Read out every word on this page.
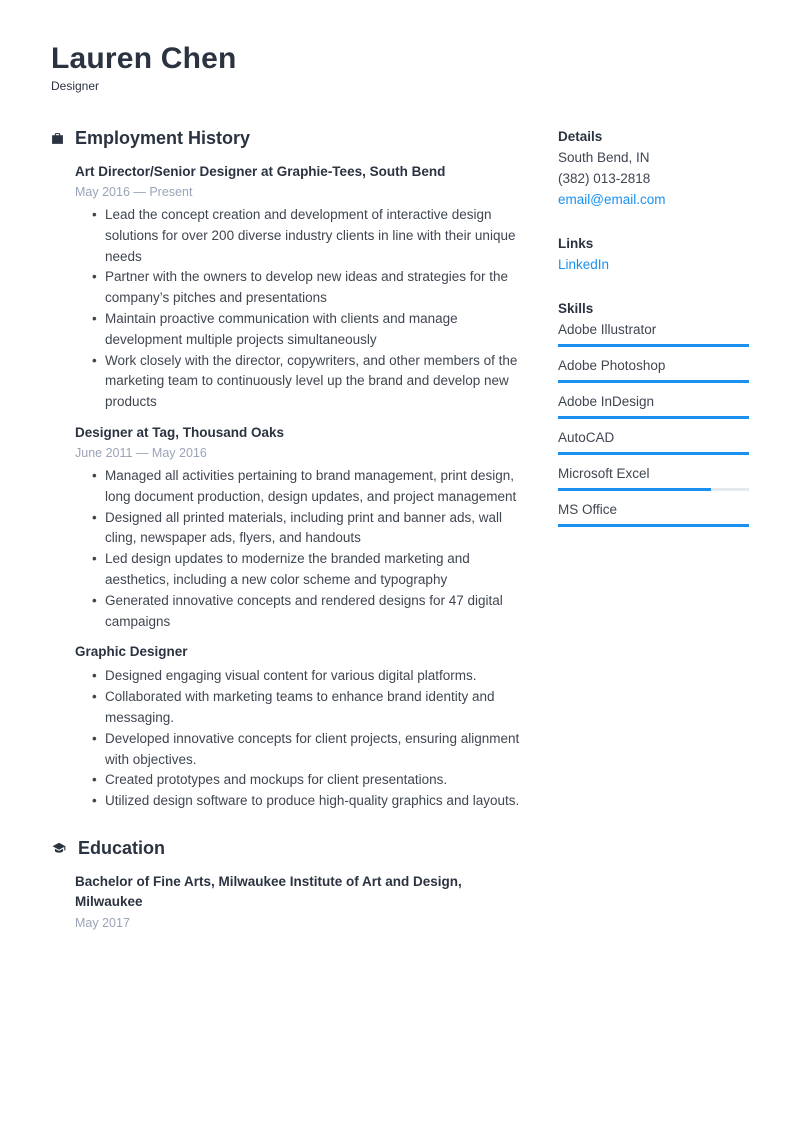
Lauren Chen
Designer
Employment History
Art Director/Senior Designer at Graphie-Tees, South Bend
May 2016 — Present
• Lead the concept creation and development of interactive design solutions for over 200 diverse industry clients in line with their unique needs
• Partner with the owners to develop new ideas and strategies for the company’s pitches and presentations
• Maintain proactive communication with clients and manage development multiple projects simultaneously
• Work closely with the director, copywriters, and other members of the marketing team to continuously level up the brand and develop new products
Designer at Tag, Thousand Oaks
June 2011 — May 2016
• Managed all activities pertaining to brand management, print design, long document production, design updates, and project management
• Designed all printed materials, including print and banner ads, wall cling, newspaper ads, flyers, and handouts
• Led design updates to modernize the branded marketing and aesthetics, including a new color scheme and typography
• Generated innovative concepts and rendered designs for 47 digital campaigns
Graphic Designer
• Designed engaging visual content for various digital platforms.
• Collaborated with marketing teams to enhance brand identity and messaging.
• Developed innovative concepts for client projects, ensuring alignment with objectives.
• Created prototypes and mockups for client presentations.
• Utilized design software to produce high-quality graphics and layouts.
Education
Bachelor of Fine Arts, Milwaukee Institute of Art and Design, Milwaukee
May 2017
Details
South Bend, IN
(382) 013-2818
email@email.com
Links
LinkedIn
Skills
Adobe Illustrator
Adobe Photoshop
Adobe InDesign
AutoCAD
Microsoft Excel
MS Office
